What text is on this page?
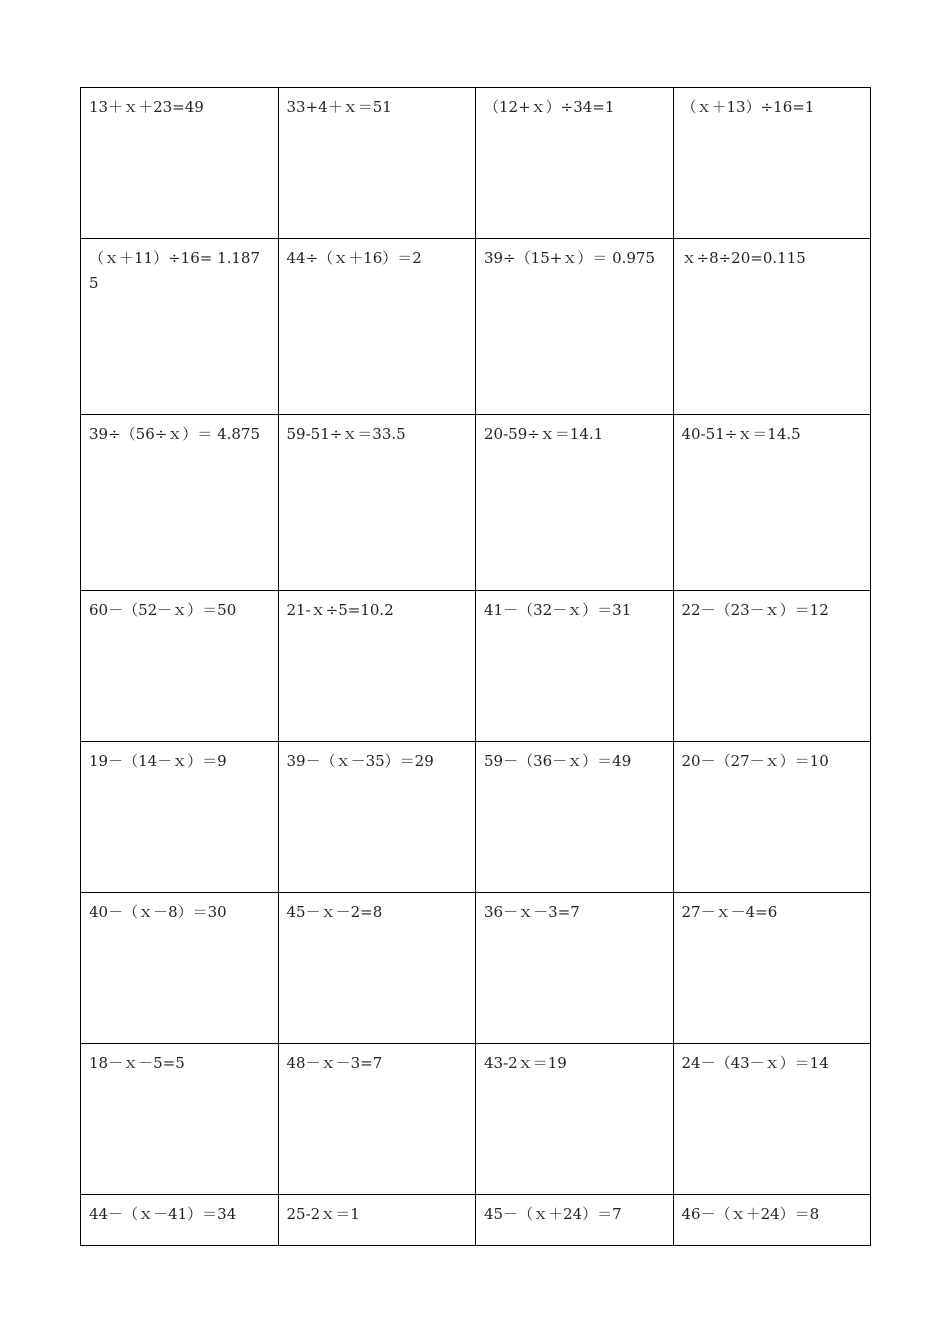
13＋ｘ＋23=49	33+4＋ｘ＝51	（12+ｘ）÷34=1	（ｘ＋13）÷16=1
（ｘ＋11）÷16= 1.1875	44÷（ｘ＋16）＝2	39÷（15+ｘ）＝ 0.975	ｘ÷8÷20=0.115
39÷（56÷ｘ）＝ 4.875	59-51÷ｘ＝33.5	20-59÷ｘ＝14.1	40-51÷ｘ＝14.5
60－（52－ｘ）＝50	21-ｘ÷5=10.2	41－（32－ｘ）＝31	22－（23－ｘ）＝12
19－（14－ｘ）＝9	39－（ｘ－35）＝29	59－（36－ｘ）＝49	20－（27－ｘ）＝10
40－（ｘ－8）＝30	45－ｘ－2=8	36－ｘ－3=7	27－ｘ－4=6
18－ｘ－5=5	48－ｘ－3=7	43-2ｘ＝19	24－（43－ｘ）＝14
44－（ｘ－41）＝34	25-2ｘ＝1	45－（ｘ＋24）＝7	46－（ｘ＋24）＝8
